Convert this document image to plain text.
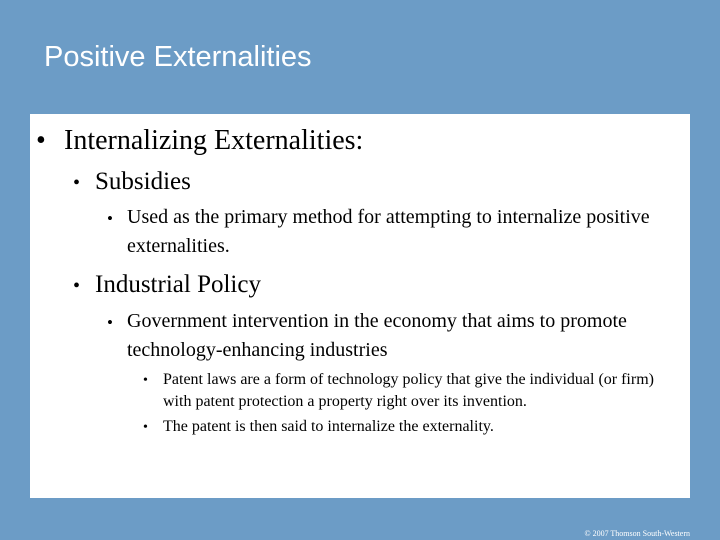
Positive Externalities
• Internalizing Externalities:
• Subsidies
• Used as the primary method for attempting to internalize positive externalities.
• Industrial Policy
• Government intervention in the economy that aims to promote technology-enhancing industries
• Patent laws are a form of technology policy that give the individual (or firm) with patent protection a property right over its invention.
• The patent is then said to internalize the externality.
© 2007 Thomson South-Western
